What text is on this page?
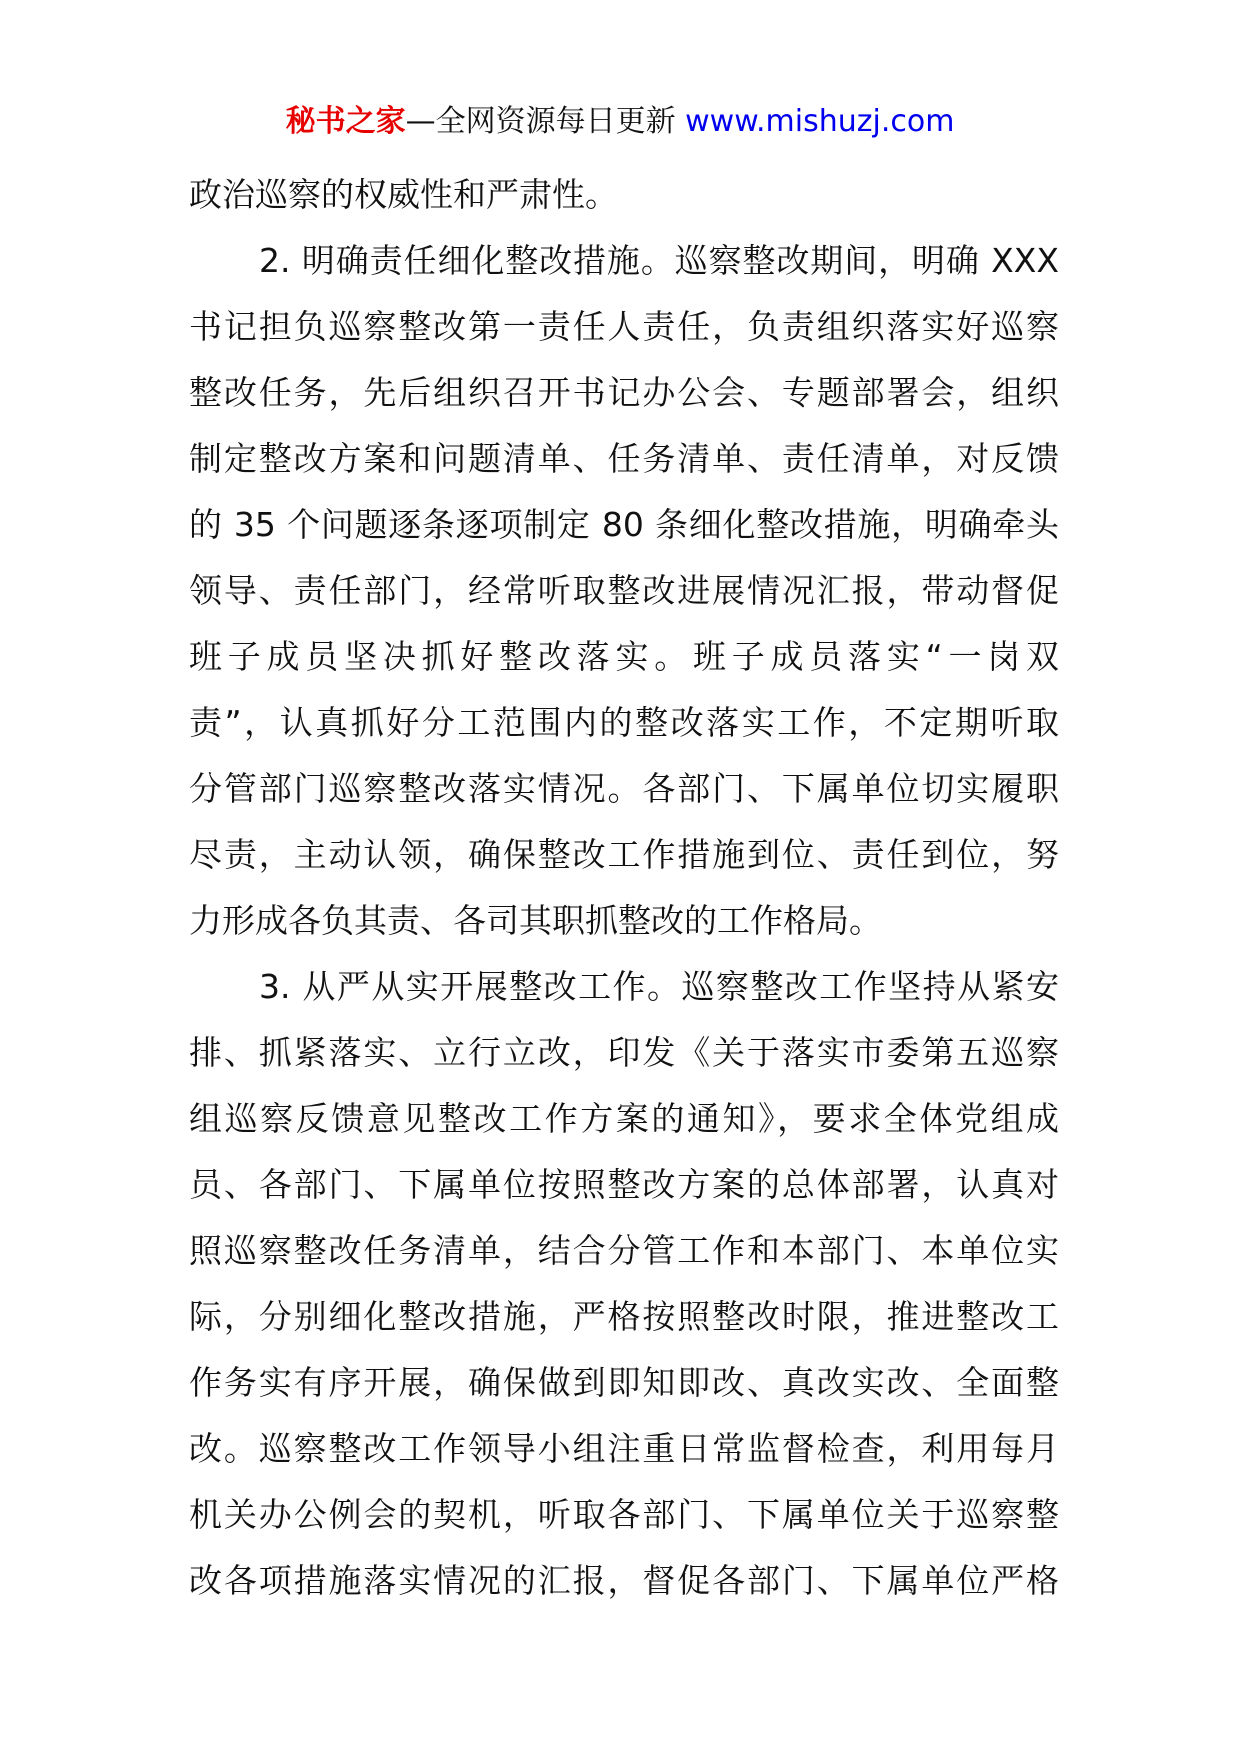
秘书之家—全网资源每日更新 www.mishuzj.com
政治巡察的权威性和严肃性。
2. 明确责任细化整改措施。巡察整改期间，明确 XXX
书记担负巡察整改第一责任人责任，负责组织落实好巡察
整改任务，先后组织召开书记办公会、专题部署会，组织
制定整改方案和问题清单、任务清单、责任清单，对反馈
的 35 个问题逐条逐项制定 80 条细化整改措施，明确牵头
领导、责任部门，经常听取整改进展情况汇报，带动督促
班子成员坚决抓好整改落实。班子成员落实“一岗双
责”，认真抓好分工范围内的整改落实工作，不定期听取
分管部门巡察整改落实情况。各部门、下属单位切实履职
尽责，主动认领，确保整改工作措施到位、责任到位，努
力形成各负其责、各司其职抓整改的工作格局。
3. 从严从实开展整改工作。巡察整改工作坚持从紧安
排、抓紧落实、立行立改，印发《关于落实市委第五巡察
组巡察反馈意见整改工作方案的通知》，要求全体党组成
员、各部门、下属单位按照整改方案的总体部署，认真对
照巡察整改任务清单，结合分管工作和本部门、本单位实
际，分别细化整改措施，严格按照整改时限，推进整改工
作务实有序开展，确保做到即知即改、真改实改、全面整
改。巡察整改工作领导小组注重日常监督检查，利用每月
机关办公例会的契机，听取各部门、下属单位关于巡察整
改各项措施落实情况的汇报，督促各部门、下属单位严格
